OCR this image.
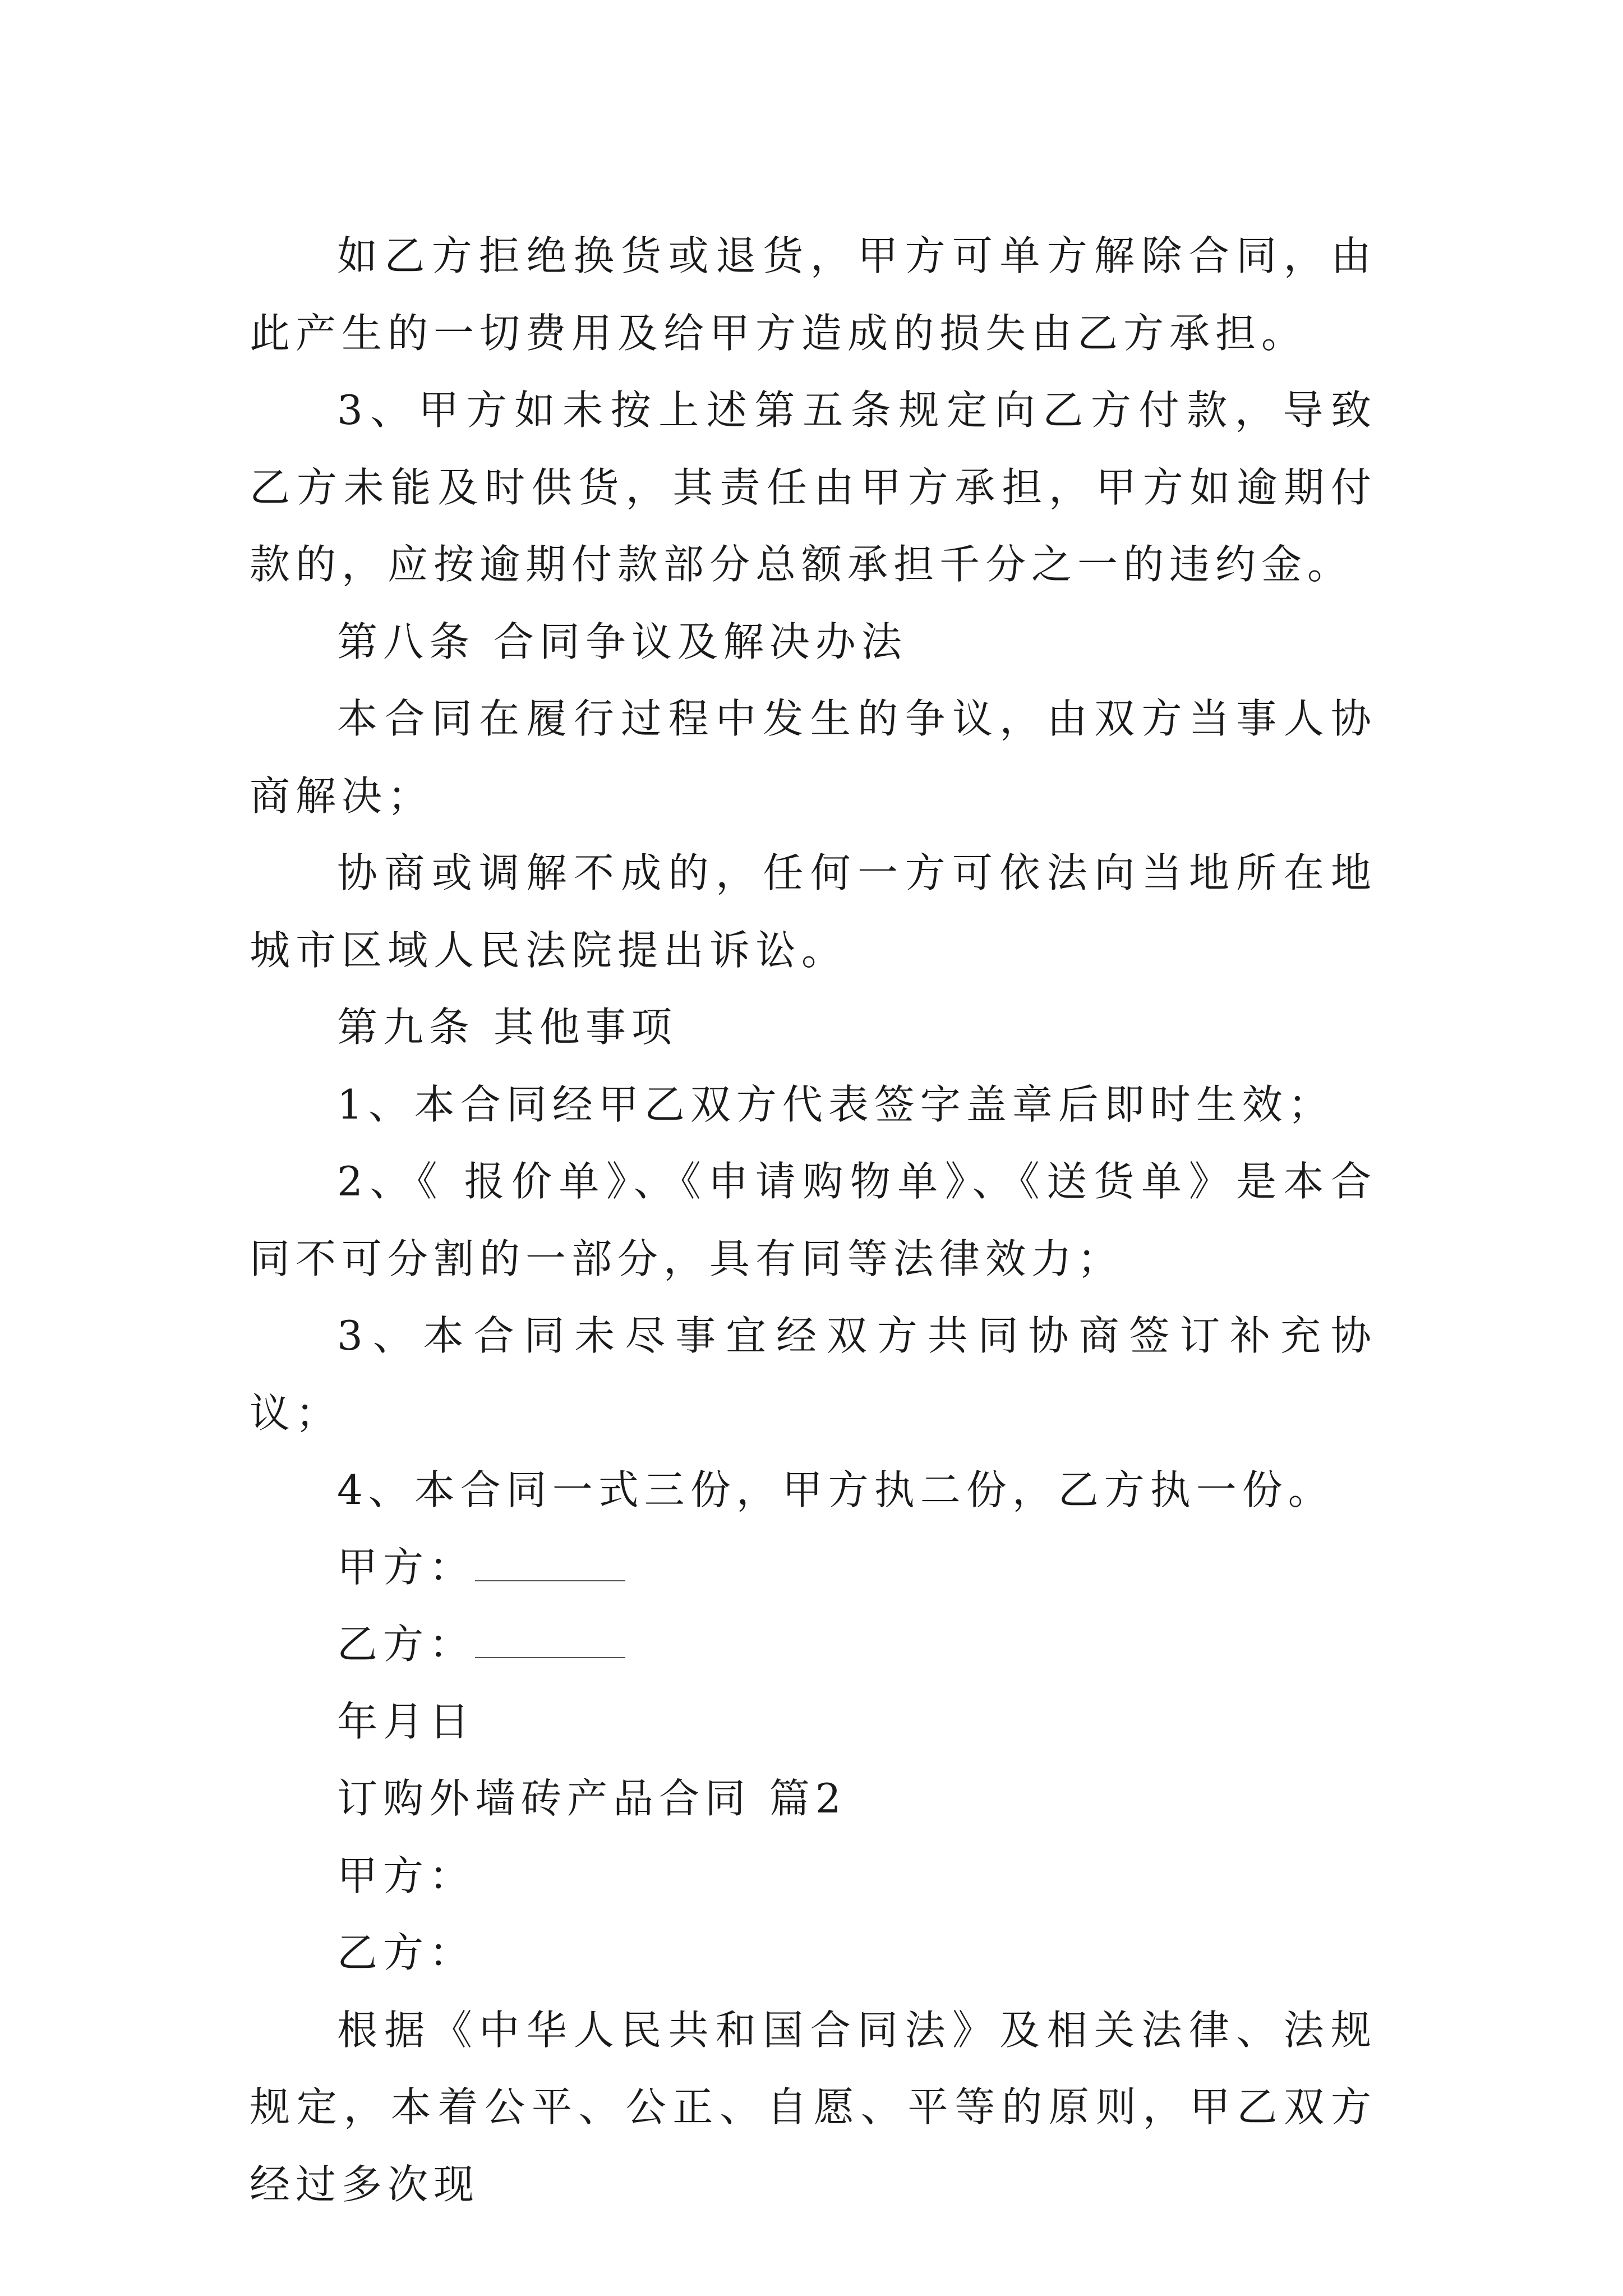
如乙方拒绝换货或退货，甲方可单方解除合同，由此产生的一切费用及给甲方造成的损失由乙方承担。

3、甲方如未按上述第五条规定向乙方付款，导致乙方未能及时供货，其责任由甲方承担，甲方如逾期付款的，应按逾期付款部分总额承担千分之一的违约金。

第八条 合同争议及解决办法

本合同在履行过程中发生的争议，由双方当事人协商解决；

协商或调解不成的，任何一方可依法向当地所在地城市区域人民法院提出诉讼。

第九条 其他事项

1、本合同经甲乙双方代表签字盖章后即时生效；

2、《 报价单》、《申请购物单》、《送货单》是本合同不可分割的一部分，具有同等法律效力；

3、本合同未尽事宜经双方共同协商签订补充协议；

4、本合同一式三份，甲方执二份，乙方执一份。

甲方：

乙方：

年月日

订购外墙砖产品合同 篇2

甲方：

乙方：

根据《中华人民共和国合同法》及相关法律、法规规定，本着公平、公正、自愿、平等的原则，甲乙双方经过多次现
